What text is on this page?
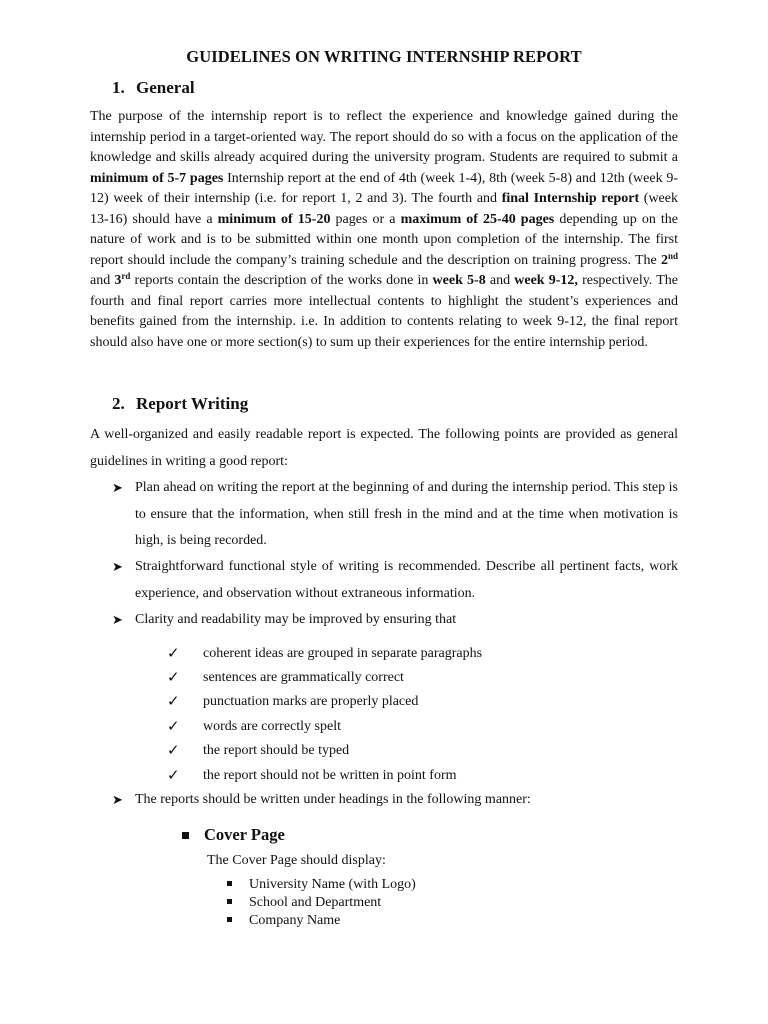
GUIDELINES ON WRITING INTERNSHIP REPORT
1. General
The purpose of the internship report is to reflect the experience and knowledge gained during the internship period in a target-oriented way. The report should do so with a focus on the application of the knowledge and skills already acquired during the university program. Students are required to submit a minimum of 5-7 pages Internship report at the end of 4th (week 1-4), 8th (week 5-8) and 12th (week 9-12) week of their internship (i.e. for report 1, 2 and 3). The fourth and final Internship report (week 13-16) should have a minimum of 15-20 pages or a maximum of 25-40 pages depending up on the nature of work and is to be submitted within one month upon completion of the internship. The first report should include the company’s training schedule and the description on training progress. The 2nd and 3rd reports contain the description of the works done in week 5-8 and week 9-12, respectively. The fourth and final report carries more intellectual contents to highlight the student’s experiences and benefits gained from the internship. i.e. In addition to contents relating to week 9-12, the final report should also have one or more section(s) to sum up their experiences for the entire internship period.
2. Report Writing
A well-organized and easily readable report is expected. The following points are provided as general guidelines in writing a good report:
➤ Plan ahead on writing the report at the beginning of and during the internship period. This step is to ensure that the information, when still fresh in the mind and at the time when motivation is high, is being recorded.
➤ Straightforward functional style of writing is recommended. Describe all pertinent facts, work experience, and observation without extraneous information.
➤ Clarity and readability may be improved by ensuring that
✓ coherent ideas are grouped in separate paragraphs
✓ sentences are grammatically correct
✓ punctuation marks are properly placed
✓ words are correctly spelt
✓ the report should be typed
✓ the report should not be written in point form
➤ The reports should be written under headings in the following manner:
Cover Page
The Cover Page should display:
University Name (with Logo)
School and Department
Company Name
